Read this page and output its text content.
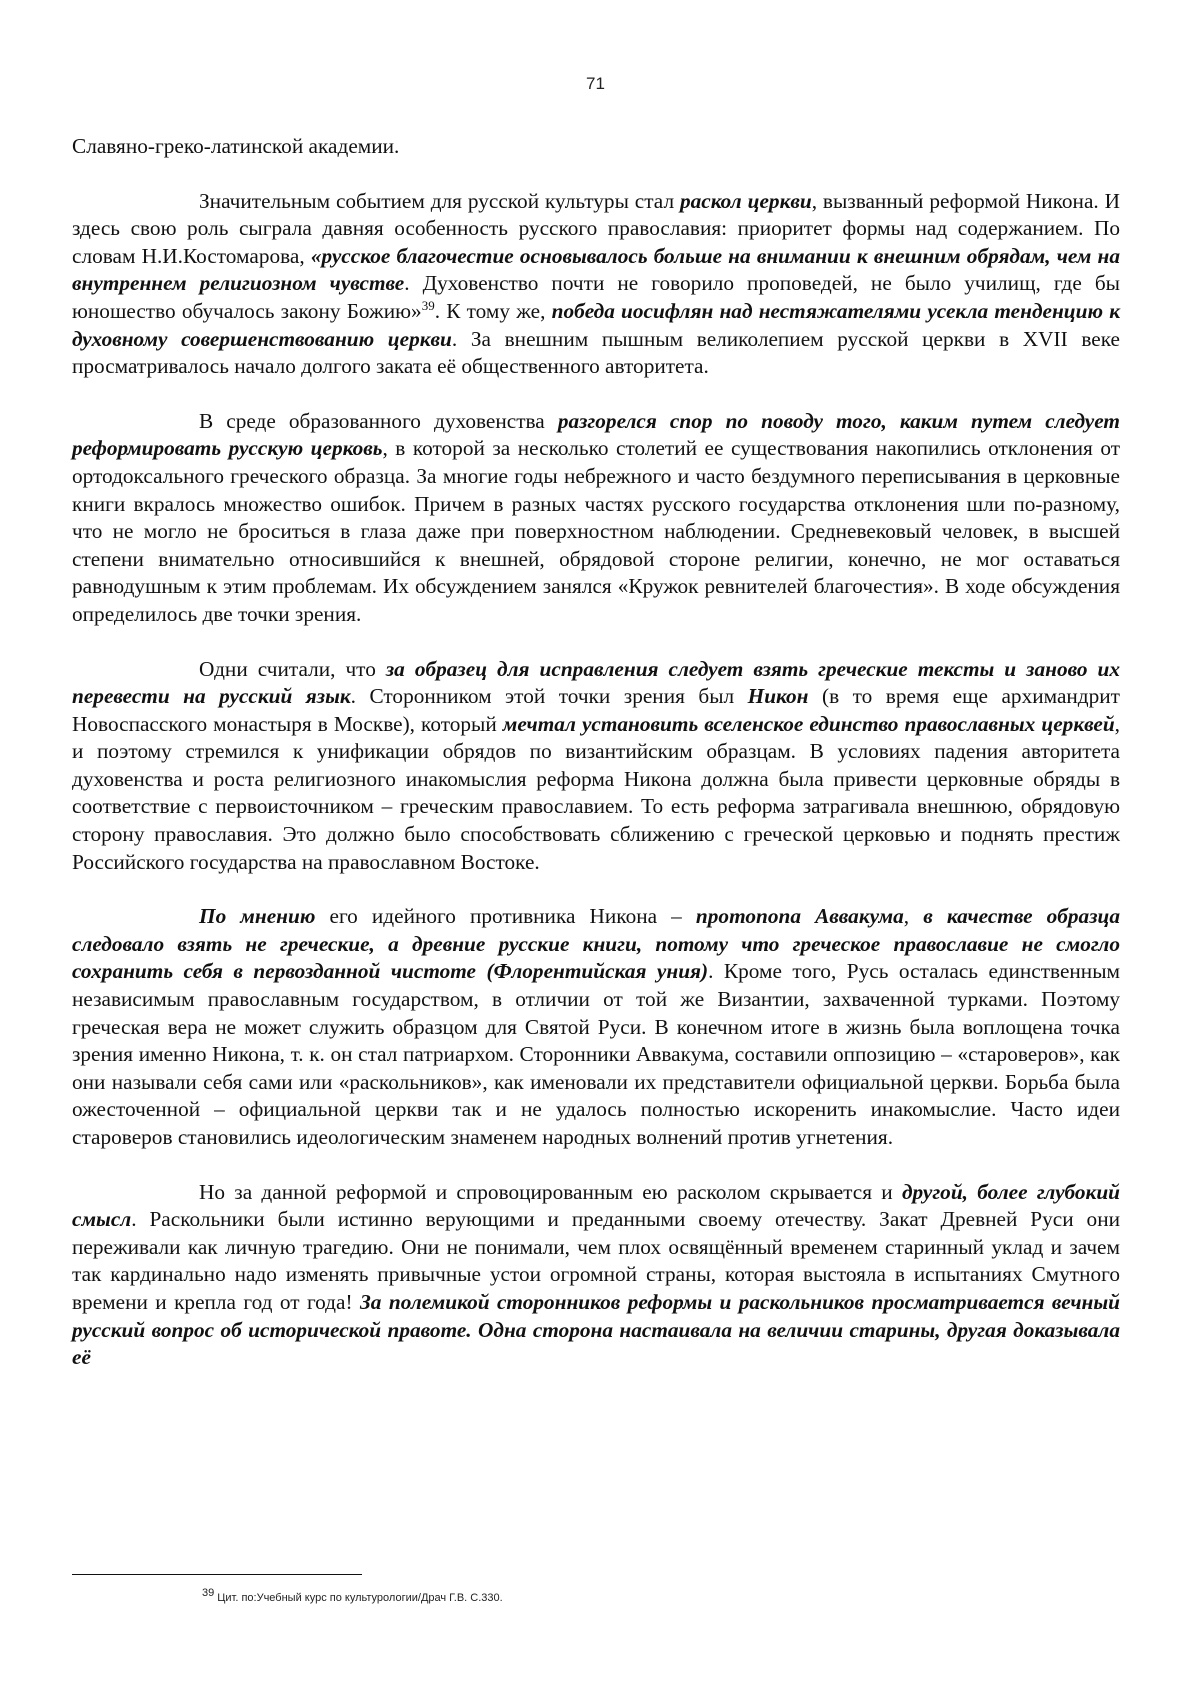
71

Славяно-греко-латинской академии.

Значительным событием для русской культуры стал раскол церкви, вызванный реформой Никона. И здесь свою роль сыграла давняя особенность русского православия: приоритет формы над содержанием. По словам Н.И.Костомарова, «русское благочестие основывалось больше на внимании к внешним обрядам, чем на внутреннем религиозном чувстве. Духовенство почти не говорило проповедей, не было училищ, где бы юношество обучалось закону Божию»$^{39}$. К тому же, победа иосифлян над нестяжателями усекла тенденцию к духовному совершенствованию церкви. За внешним пышным великолепием русской церкви в XVII веке просматривалось начало долгого заката её общественного авторитета.

В среде образованного духовенства разгорелся спор по поводу того, каким путем следует реформировать русскую церковь, в которой за несколько столетий ее существования накопились отклонения от ортодоксального греческого образца. За многие годы небрежного и часто бездумного переписывания в церковные книги вкралось множество ошибок. Причем в разных частях русского государства отклонения шли по-разному, что не могло не броситься в глаза даже при поверхностном наблюдении. Средневековый человек, в высшей степени внимательно относившийся к внешней, обрядовой стороне религии, конечно, не мог оставаться равнодушным к этим проблемам. Их обсуждением занялся «Кружок ревнителей благочестия». В ходе обсуждения определилось две точки зрения.

Одни считали, что за образец для исправления следует взять греческие тексты и заново их перевести на русский язык. Сторонником этой точки зрения был Никон (в то время еще архимандрит Новоспасского монастыря в Москве), который мечтал установить вселенское единство православных церквей, и поэтому стремился к унификации обрядов по византийским образцам. В условиях падения авторитета духовенства и роста религиозного инакомыслия реформа Никона должна была привести церковные обряды в соответствие с первоисточником – греческим православием. То есть реформа затрагивала внешнюю, обрядовую сторону православия. Это должно было способствовать сближению с греческой церковью и поднять престиж Российского государства на православном Востоке.

По мнению его идейного противника Никона – протопопа Аввакума, в качестве образца следовало взять не греческие, а древние русские книги, потому что греческое православие не смогло сохранить себя в первозданной чистоте (Флорентийская уния). Кроме того, Русь осталась единственным независимым православным государством, в отличии от той же Византии, захваченной турками. Поэтому греческая вера не может служить образцом для Святой Руси. В конечном итоге в жизнь была воплощена точка зрения именно Никона, т. к. он стал патриархом. Сторонники Аввакума, составили оппозицию – «староверов», как они называли себя сами или «раскольников», как именовали их представители официальной церкви. Борьба была ожесточенной – официальной церкви так и не удалось полностью искоренить инакомыслие. Часто идеи староверов становились идеологическим знаменем народных волнений против угнетения.

Но за данной реформой и спровоцированным ею расколом скрывается и другой, более глубокий смысл. Раскольники были истинно верующими и преданными своему отечеству. Закат Древней Руси они переживали как личную трагедию. Они не понимали, чем плох освящённый временем старинный уклад и зачем так кардинально надо изменять привычные устои огромной страны, которая выстояла в испытаниях Смутного времени и крепла год от года! За полемикой сторонников реформы и раскольников просматривается вечный русский вопрос об исторической правоте. Одна сторона настаивала на величии старины, другая доказывала её

$^{39}$ Цит. по:Учебный курс по культурологии/Драч Г.В. С.330.
